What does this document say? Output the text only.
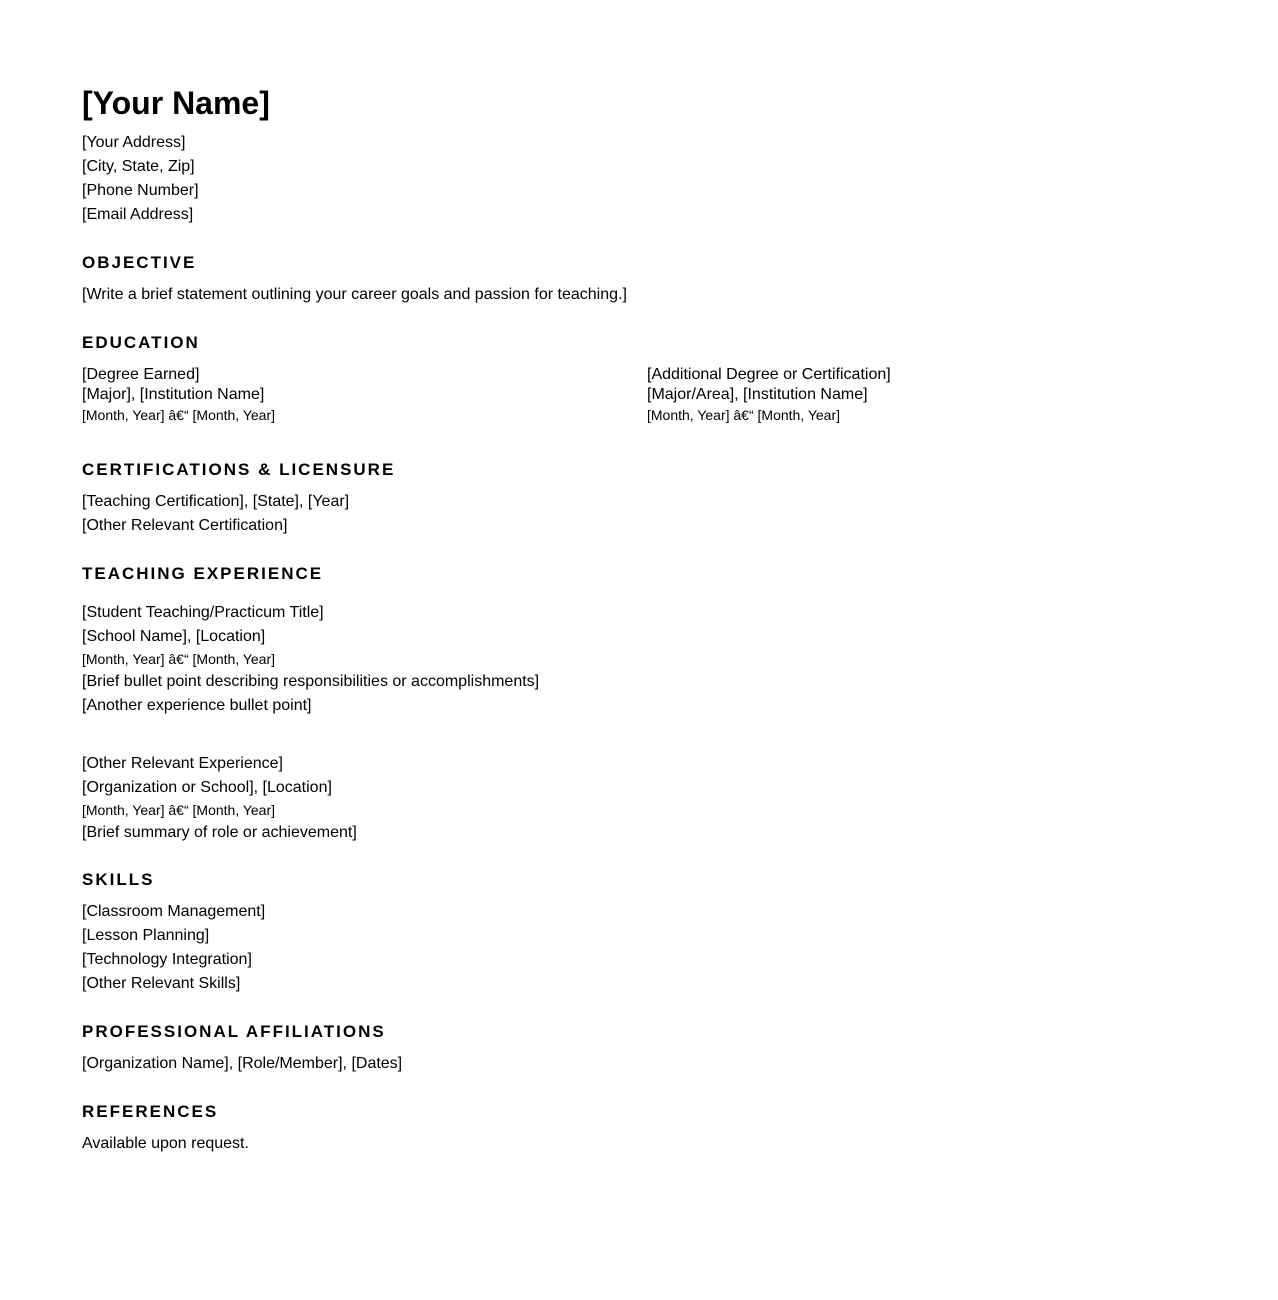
[Your Name]
[Your Address]
[City, State, Zip]
[Phone Number]
[Email Address]
OBJECTIVE
[Write a brief statement outlining your career goals and passion for teaching.]
EDUCATION
[Degree Earned]
[Major], [Institution Name]
[Month, Year] â€“ [Month, Year]
[Additional Degree or Certification]
[Major/Area], [Institution Name]
[Month, Year] â€“ [Month, Year]
CERTIFICATIONS & LICENSURE
[Teaching Certification], [State], [Year]
[Other Relevant Certification]
TEACHING EXPERIENCE
[Student Teaching/Practicum Title]
[School Name], [Location]
[Month, Year] â€“ [Month, Year]
[Brief bullet point describing responsibilities or accomplishments]
[Another experience bullet point]
[Other Relevant Experience]
[Organization or School], [Location]
[Month, Year] â€“ [Month, Year]
[Brief summary of role or achievement]
SKILLS
[Classroom Management]
[Lesson Planning]
[Technology Integration]
[Other Relevant Skills]
PROFESSIONAL AFFILIATIONS
[Organization Name], [Role/Member], [Dates]
REFERENCES
Available upon request.
